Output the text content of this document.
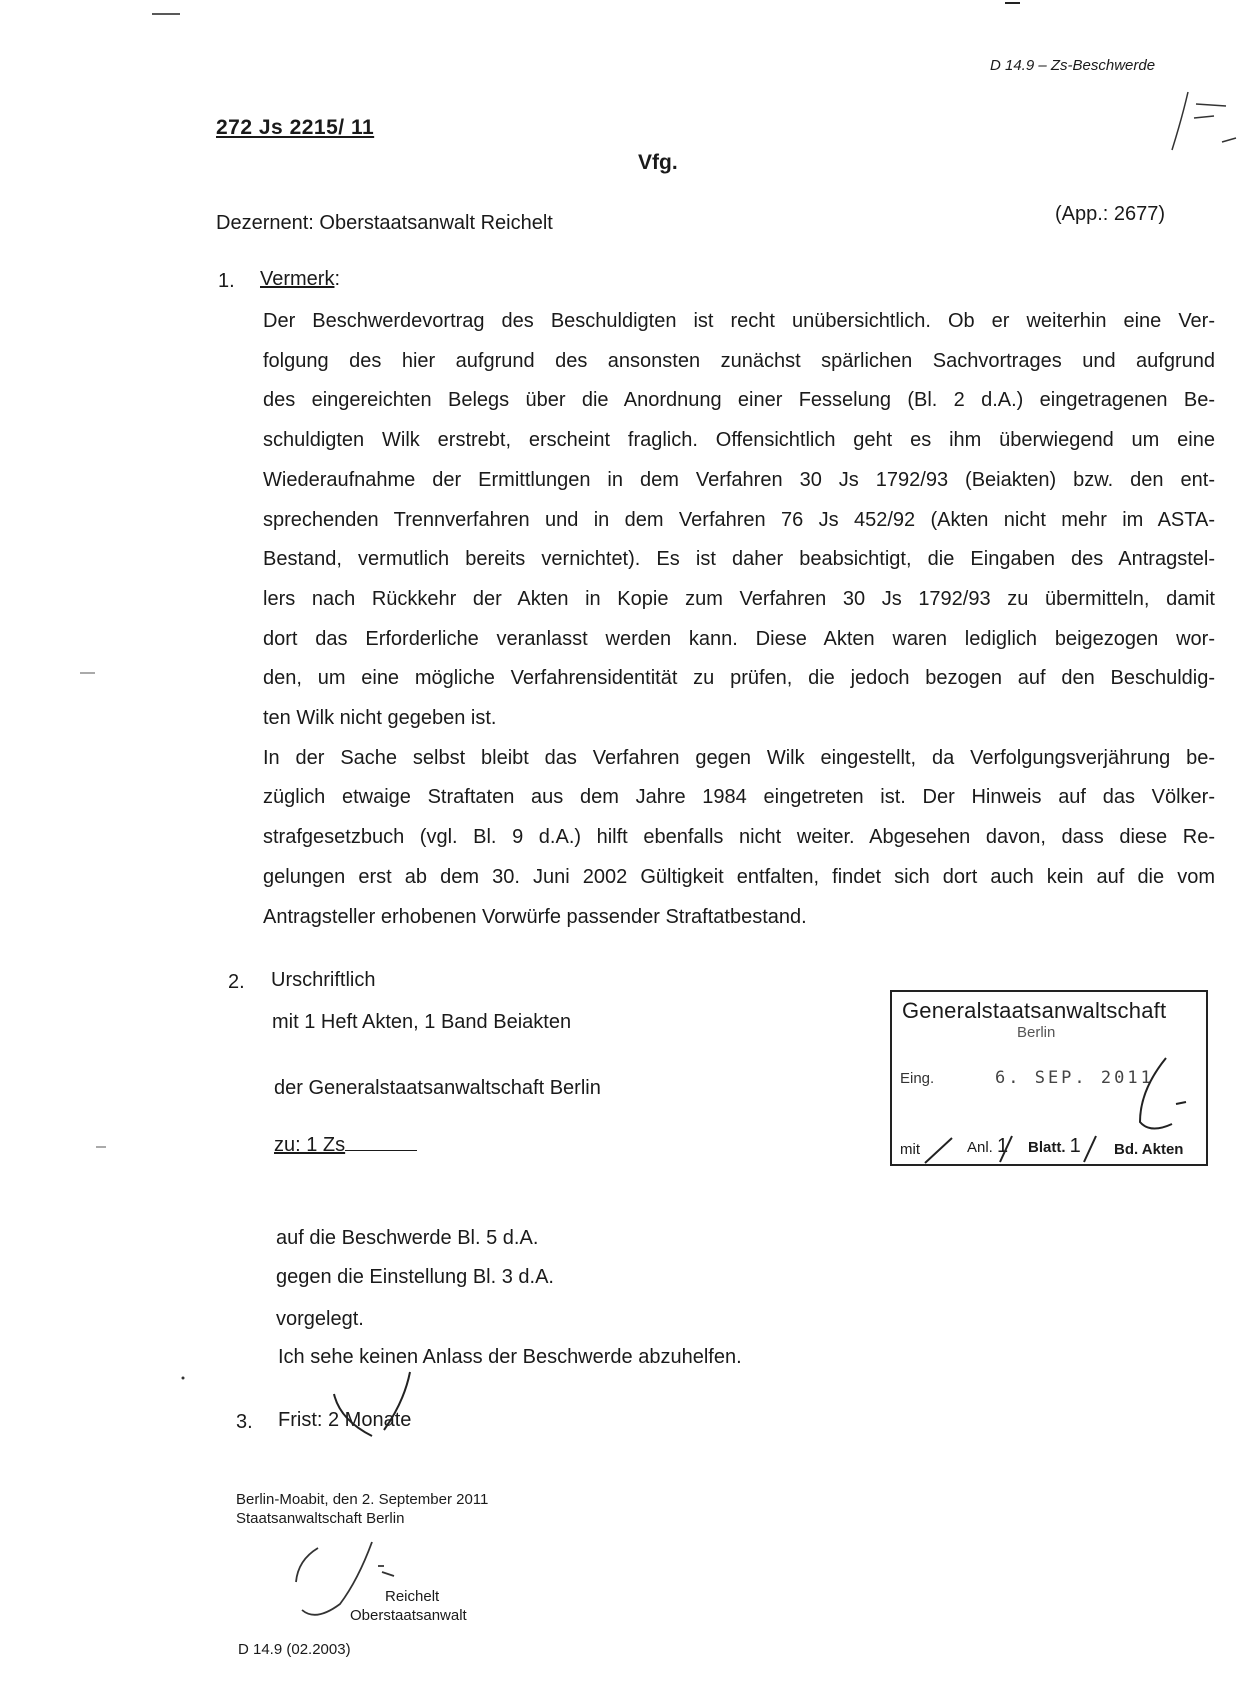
D 14.9 – Zs-Beschwerde
272 Js 2215/ 11
Vfg.
Dezernent: Oberstaatsanwalt Reichelt	(App.: 2677)
1. Vermerk:
Der Beschwerdevortrag des Beschuldigten ist recht unübersichtlich. Ob er weiterhin eine Ver-
folgung des hier aufgrund des ansonsten zunächst spärlichen Sachvortrages und aufgrund
des eingereichten Belegs über die Anordnung einer Fesselung (Bl. 2 d.A.) eingetragenen Be-
schuldigten Wilk erstrebt, erscheint fraglich. Offensichtlich geht es ihm überwiegend um eine
Wiederaufnahme der Ermittlungen in dem Verfahren 30 Js 1792/93 (Beiakten) bzw. den ent-
sprechenden Trennverfahren und in dem Verfahren 76 Js 452/92 (Akten nicht mehr im ASTA-
Bestand, vermutlich bereits vernichtet). Es ist daher beabsichtigt, die Eingaben des Antragstel-
lers nach Rückkehr der Akten in Kopie zum Verfahren 30 Js 1792/93 zu übermitteln, damit
dort das Erforderliche veranlasst werden kann. Diese Akten waren lediglich beigezogen wor-
den, um eine mögliche Verfahrensidentität zu prüfen, die jedoch bezogen auf den Beschuldig-
ten Wilk nicht gegeben ist.
In der Sache selbst bleibt das Verfahren gegen Wilk eingestellt, da Verfolgungsverjährung be-
züglich etwaige Straftaten aus dem Jahre 1984 eingetreten ist. Der Hinweis auf das Völker-
strafgesetzbuch (vgl. Bl. 9 d.A.) hilft ebenfalls nicht weiter. Abgesehen davon, dass diese Re-
gelungen erst ab dem 30. Juni 2002 Gültigkeit entfalten, findet sich dort auch kein auf die vom
Antragsteller erhobenen Vorwürfe passender Straftatbestand.
2. Urschriftlich
mit 1 Heft Akten, 1 Band Beiakten
der Generalstaatsanwaltschaft Berlin
zu: 1 Zs
auf die Beschwerde Bl. 5 d.A.
gegen die Einstellung Bl. 3 d.A.
vorgelegt.
Ich sehe keinen Anlass der Beschwerde abzuhelfen.
Generalstaatsanwaltschaft
Berlin
Eing.	6. SEP. 2011
mit	Anl. 1 Blatt. 1 Bd. Akten
3. Frist: 2 Monate
Berlin-Moabit, den 2. September 2011
Staatsanwaltschaft Berlin
Reichelt
Oberstaatsanwalt
D 14.9 (02.2003)
